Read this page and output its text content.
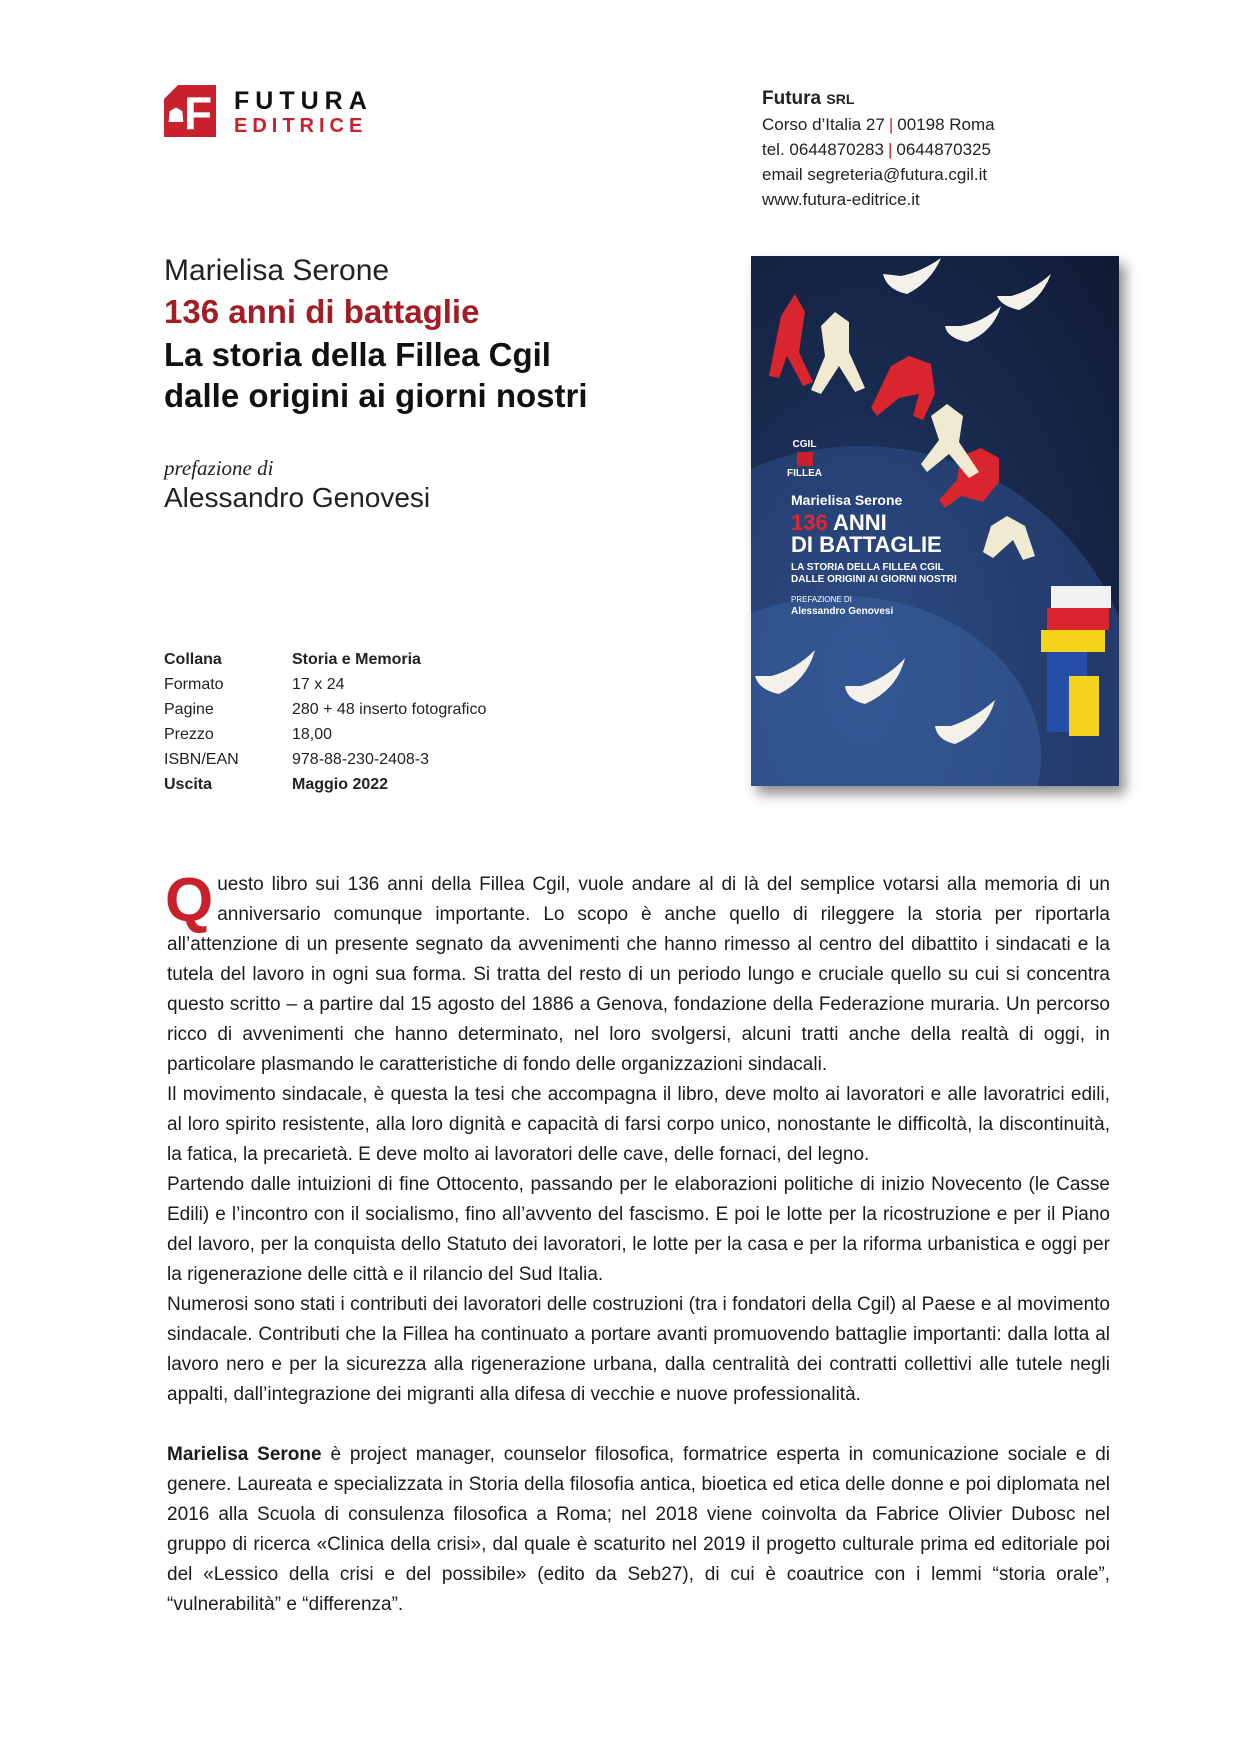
F
☗
FUTURA
EDITRICE
Futura SRL
Corso d’Italia 27 | 00198 Roma
tel. 0644870283 | 0644870325
email segreteria@futura.cgil.it
www.futura-editrice.it
Marielisa Serone
136 anni di battaglie
La storia della Fillea Cgil
dalle origini ai giorni nostri
prefazione di
Alessandro Genovesi
Collana	Storia e Memoria
Formato	17 x 24
Pagine	280 + 48 inserto fotografico
Prezzo	18,00
ISBN/EAN	978-88-230-2408-3
Uscita	Maggio 2022
CGIL
FILLEA
Marielisa Serone
136 ANNI
DI BATTAGLIE
LA STORIA DELLA FILLEA CGIL
DALLE ORIGINI AI GIORNI NOSTRI
PREFAZIONE DI
Alessandro Genovesi

Questo libro sui 136 anni della Fillea Cgil, vuole andare al di là del semplice votarsi alla memoria di un anniversario comunque importante. Lo scopo è anche quello di rileggere la storia per riportarla all’attenzione di un presente segnato da avvenimenti che hanno rimesso al centro del dibattito i sindacati e la tutela del lavoro in ogni sua forma. Si tratta del resto di un periodo lungo e cruciale quello su cui si concentra questo scritto – a partire dal 15 agosto del 1886 a Genova, fondazione della Federazione muraria. Un percorso ricco di avvenimenti che hanno determinato, nel loro svolgersi, alcuni tratti anche della realtà di oggi, in particolare plasmando le caratteristiche di fondo delle organizzazioni sindacali.

Il movimento sindacale, è questa la tesi che accompagna il libro, deve molto ai lavoratori e alle lavoratrici edili, al loro spirito resistente, alla loro dignità e capacità di farsi corpo unico, nonostante le difficoltà, la discontinuità, la fatica, la precarietà. E deve molto ai lavoratori delle cave, delle fornaci, del legno.

Partendo dalle intuizioni di fine Ottocento, passando per le elaborazioni politiche di inizio Novecento (le Casse Edili) e l’incontro con il socialismo, fino all’avvento del fascismo. E poi le lotte per la ricostruzione e per il Piano del lavoro, per la conquista dello Statuto dei lavoratori, le lotte per la casa e per la riforma urbanistica e oggi per la rigenerazione delle città e il rilancio del Sud Italia.

Numerosi sono stati i contributi dei lavoratori delle costruzioni (tra i fondatori della Cgil) al Paese e al movimento sindacale. Contributi che la Fillea ha continuato a portare avanti promuovendo battaglie importanti: dalla lotta al lavoro nero e per la sicurezza alla rigenerazione urbana, dalla centralità dei contratti collettivi alle tutele negli appalti, dall’integrazione dei migranti alla difesa di vecchie e nuove professionalità.

Marielisa Serone è project manager, counselor filosofica, formatrice esperta in comunicazione sociale e di genere. Laureata e specializzata in Storia della filosofia antica, bioetica ed etica delle donne e poi diplomata nel 2016 alla Scuola di consulenza filosofica a Roma; nel 2018 viene coinvolta da Fabrice Olivier Dubosc nel gruppo di ricerca «Clinica della crisi», dal quale è scaturito nel 2019 il progetto culturale prima ed editoriale poi del «Lessico della crisi e del possibile» (edito da Seb27), di cui è coautrice con i lemmi “storia orale”, “vulnerabilità” e “differenza”.
